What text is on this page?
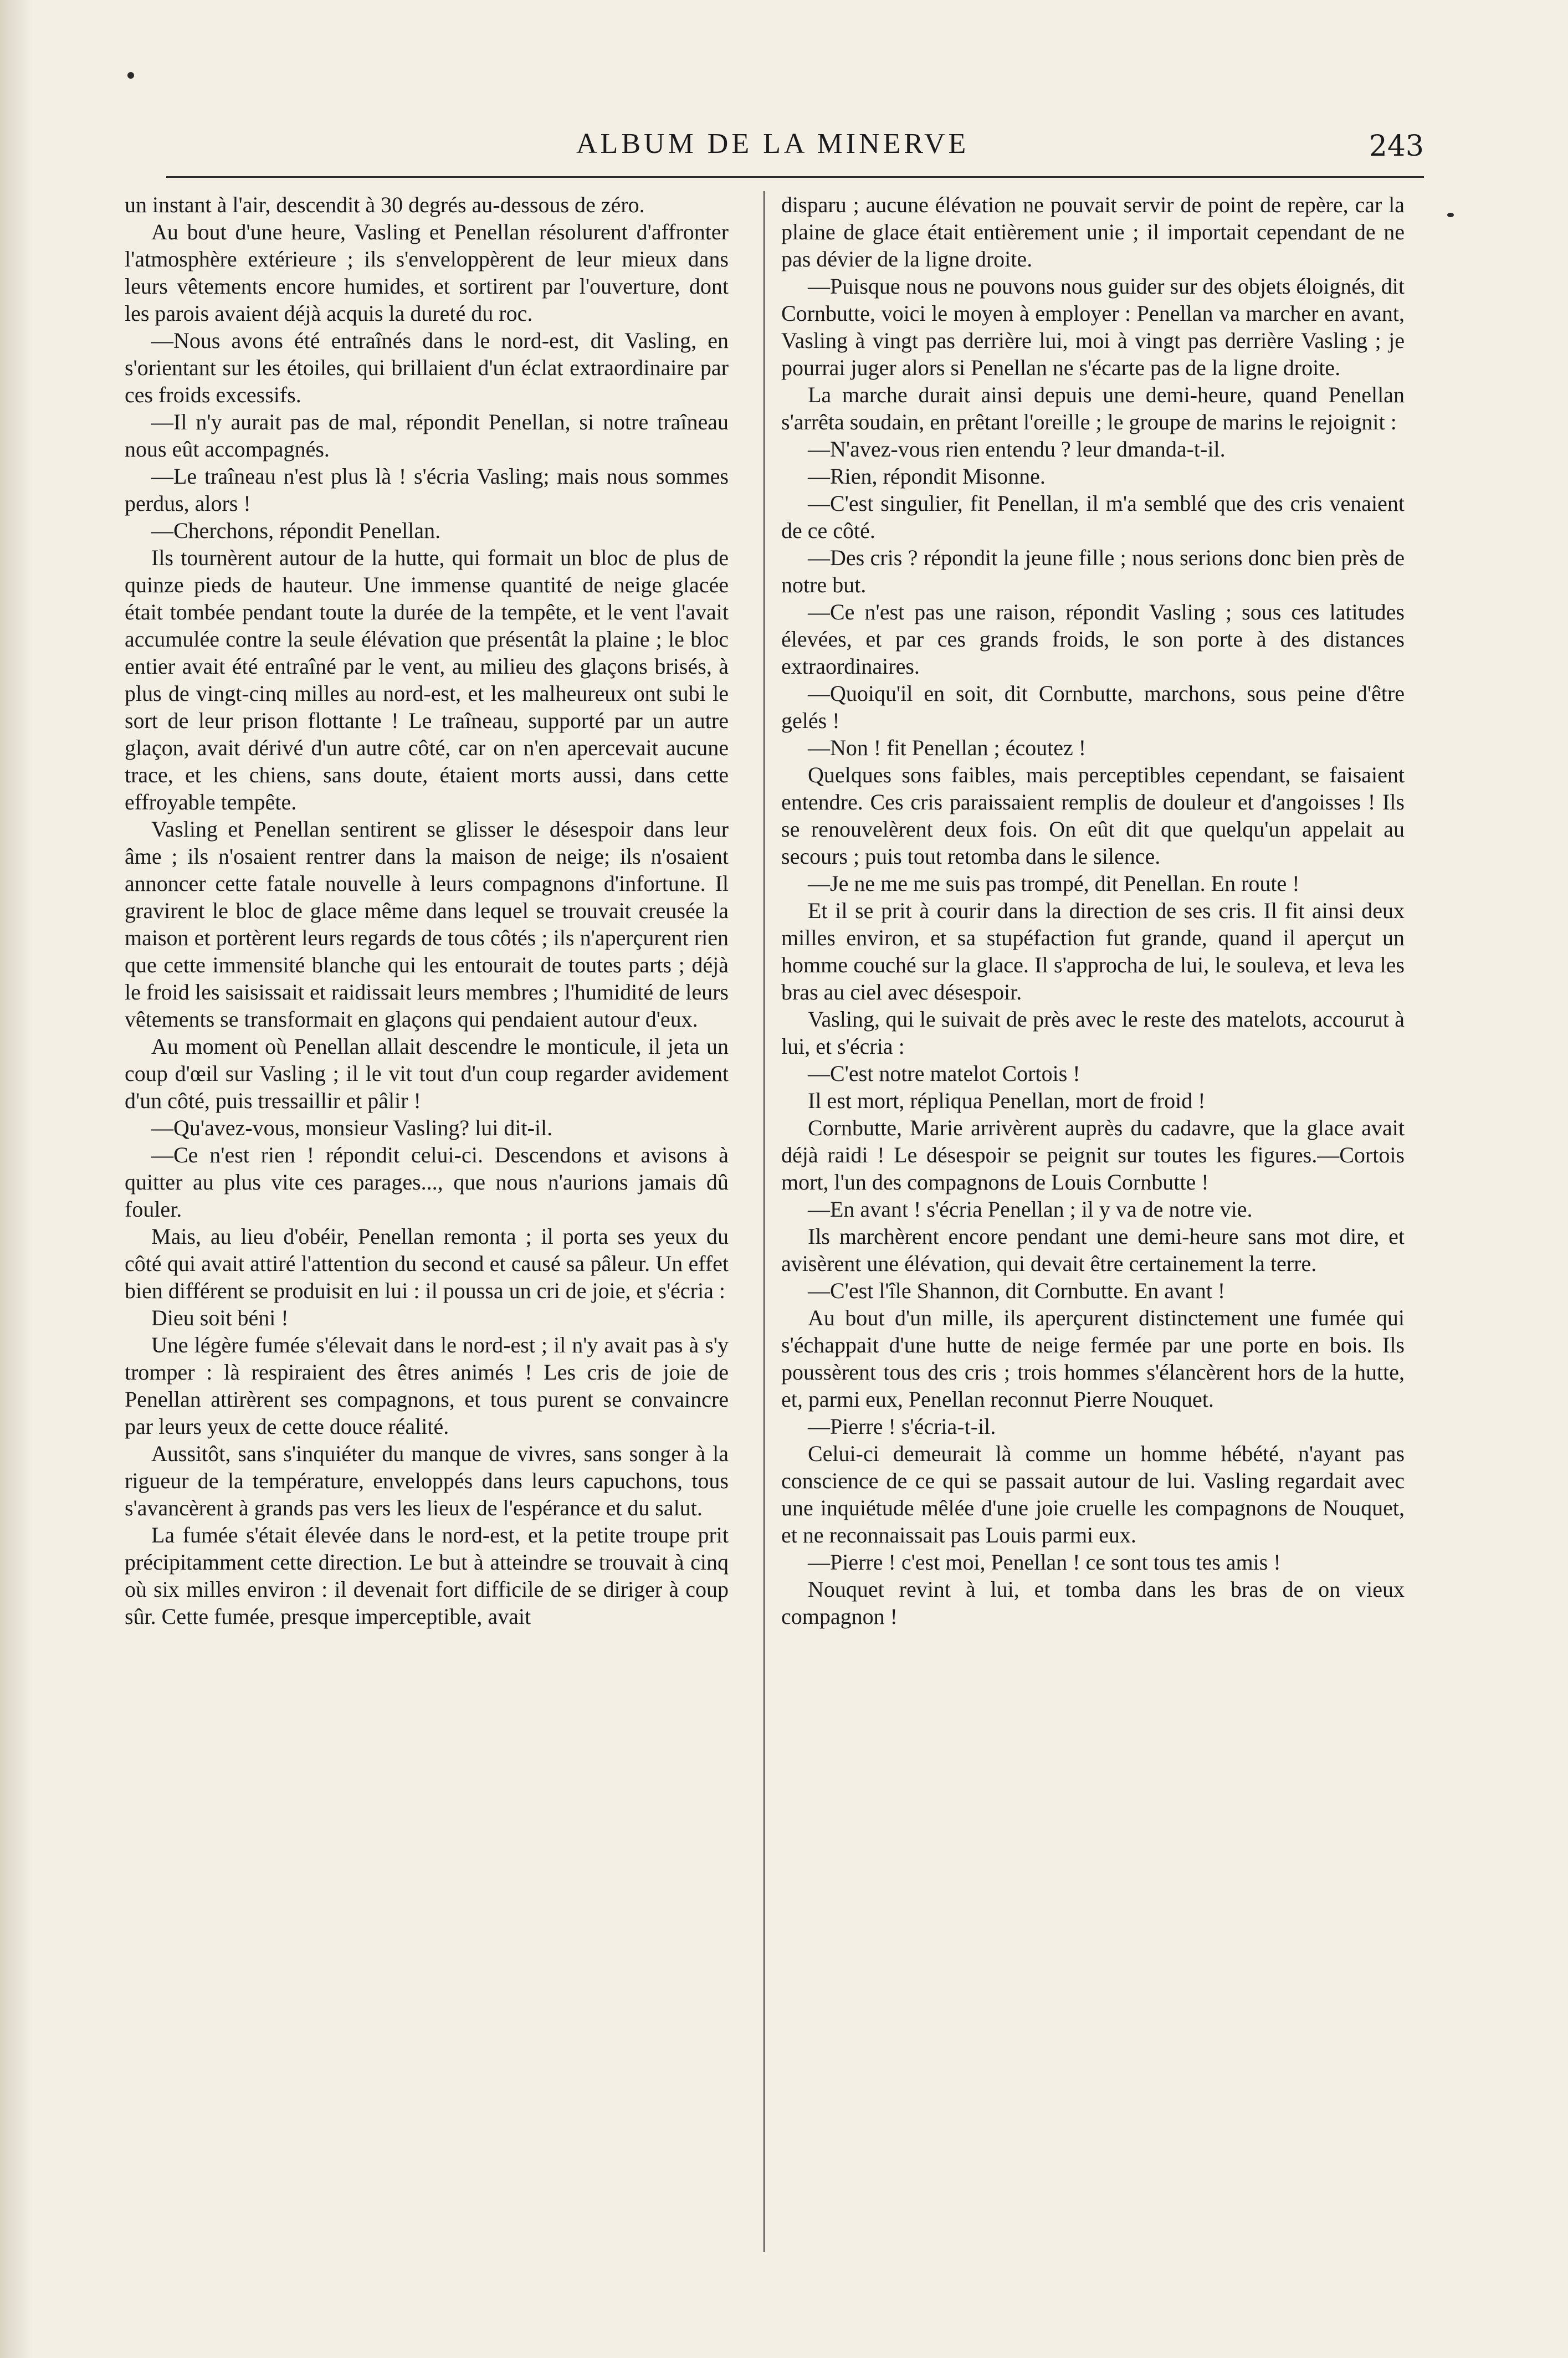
ALBUM DE LA MINERVE	243

un instant à l'air, descendit à 30 degrés au-dessous de zéro.

Au bout d'une heure, Vasling et Penellan résolurent d'affronter l'atmosphère extérieure ; ils s'enveloppèrent de leur mieux dans leurs vêtements encore humides, et sortirent par l'ouverture, dont les parois avaient déjà acquis la dureté du roc.

—Nous avons été entraînés dans le nord-est, dit Vasling, en s'orientant sur les étoiles, qui brillaient d'un éclat extraordinaire par ces froids excessifs.

—Il n'y aurait pas de mal, répondit Penellan, si notre traîneau nous eût accompagnés.

—Le traîneau n'est plus là ! s'écria Vasling; mais nous sommes perdus, alors !

—Cherchons, répondit Penellan.

Ils tournèrent autour de la hutte, qui formait un bloc de plus de quinze pieds de hauteur. Une immense quantité de neige glacée était tombée pendant toute la durée de la tempête, et le vent l'avait accumulée contre la seule élévation que présentât la plaine ; le bloc entier avait été entraîné par le vent, au milieu des glaçons brisés, à plus de vingt-cinq milles au nord-est, et les malheureux ont subi le sort de leur prison flottante ! Le traîneau, supporté par un autre glaçon, avait dérivé d'un autre côté, car on n'en apercevait aucune trace, et les chiens, sans doute, étaient morts aussi, dans cette effroyable tempête.

Vasling et Penellan sentirent se glisser le désespoir dans leur âme ; ils n'osaient rentrer dans la maison de neige; ils n'osaient annoncer cette fatale nouvelle à leurs compagnons d'infortune. Il gravirent le bloc de glace même dans lequel se trouvait creusée la maison et portèrent leurs regards de tous côtés ; ils n'aperçurent rien que cette immensité blanche qui les entourait de toutes parts ; déjà le froid les saisissait et raidissait leurs membres ; l'humidité de leurs vêtements se transformait en glaçons qui pendaient autour d'eux.

Au moment où Penellan allait descendre le monticule, il jeta un coup d'œil sur Vasling ; il le vit tout d'un coup regarder avidement d'un côté, puis tressaillir et pâlir !

—Qu'avez-vous, monsieur Vasling? lui dit-il.

—Ce n'est rien ! répondit celui-ci. Descendons et avisons à quitter au plus vite ces parages..., que nous n'aurions jamais dû fouler.

Mais, au lieu d'obéir, Penellan remonta ; il porta ses yeux du côté qui avait attiré l'attention du second et causé sa pâleur. Un effet bien différent se produisit en lui : il poussa un cri de joie, et s'écria :

Dieu soit béni !

Une légère fumée s'élevait dans le nord-est ; il n'y avait pas à s'y tromper : là respiraient des êtres animés ! Les cris de joie de Penellan attirèrent ses compagnons, et tous purent se convaincre par leurs yeux de cette douce réalité.

Aussitôt, sans s'inquiéter du manque de vivres, sans songer à la rigueur de la température, enveloppés dans leurs capuchons, tous s'avancèrent à grands pas vers les lieux de l'espérance et du salut.

La fumée s'était élevée dans le nord-est, et la petite troupe prit précipitamment cette direction. Le but à atteindre se trouvait à cinq où six milles environ : il devenait fort difficile de se diriger à coup sûr. Cette fumée, presque imperceptible, avait

disparu ; aucune élévation ne pouvait servir de point de repère, car la plaine de glace était entièrement unie ; il importait cependant de ne pas dévier de la ligne droite.

—Puisque nous ne pouvons nous guider sur des objets éloignés, dit Cornbutte, voici le moyen à employer : Penellan va marcher en avant, Vasling à vingt pas derrière lui, moi à vingt pas derrière Vasling ; je pourrai juger alors si Penellan ne s'écarte pas de la ligne droite.

La marche durait ainsi depuis une demi-heure, quand Penellan s'arrêta soudain, en prêtant l'oreille ; le groupe de marins le rejoignit :

—N'avez-vous rien entendu ? leur dmanda-t-il.

—Rien, répondit Misonne.

—C'est singulier, fit Penellan, il m'a semblé que des cris venaient de ce côté.

—Des cris ? répondit la jeune fille ; nous serions donc bien près de notre but.

—Ce n'est pas une raison, répondit Vasling ; sous ces latitudes élevées, et par ces grands froids, le son porte à des distances extraordinaires.

—Quoiqu'il en soit, dit Cornbutte, marchons, sous peine d'être gelés !

—Non ! fit Penellan ; écoutez !

Quelques sons faibles, mais perceptibles cependant, se faisaient entendre. Ces cris paraissaient remplis de douleur et d'angoisses ! Ils se renouvelèrent deux fois. On eût dit que quelqu'un appelait au secours ; puis tout retomba dans le silence.

—Je ne me me suis pas trompé, dit Penellan. En route !

Et il se prit à courir dans la direction de ses cris. Il fit ainsi deux milles environ, et sa stupéfaction fut grande, quand il aperçut un homme couché sur la glace. Il s'approcha de lui, le souleva, et leva les bras au ciel avec désespoir.

Vasling, qui le suivait de près avec le reste des matelots, accourut à lui, et s'écria :

—C'est notre matelot Cortois !

Il est mort, répliqua Penellan, mort de froid !

Cornbutte, Marie arrivèrent auprès du cadavre, que la glace avait déjà raidi ! Le désespoir se peignit sur toutes les figures.—Cortois mort, l'un des compagnons de Louis Cornbutte !

—En avant ! s'écria Penellan ; il y va de notre vie.

Ils marchèrent encore pendant une demi-heure sans mot dire, et avisèrent une élévation, qui devait être certainement la terre.

—C'est l'île Shannon, dit Cornbutte. En avant !

Au bout d'un mille, ils aperçurent distinctement une fumée qui s'échappait d'une hutte de neige fermée par une porte en bois. Ils poussèrent tous des cris ; trois hommes s'élancèrent hors de la hutte, et, parmi eux, Penellan reconnut Pierre Nouquet.

—Pierre ! s'écria-t-il.

Celui-ci demeurait là comme un homme hébété, n'ayant pas conscience de ce qui se passait autour de lui. Vasling regardait avec une inquiétude mêlée d'une joie cruelle les compagnons de Nouquet, et ne reconnaissait pas Louis parmi eux.

—Pierre ! c'est moi, Penellan ! ce sont tous tes amis !

Nouquet revint à lui, et tomba dans les bras de on vieux compagnon !
